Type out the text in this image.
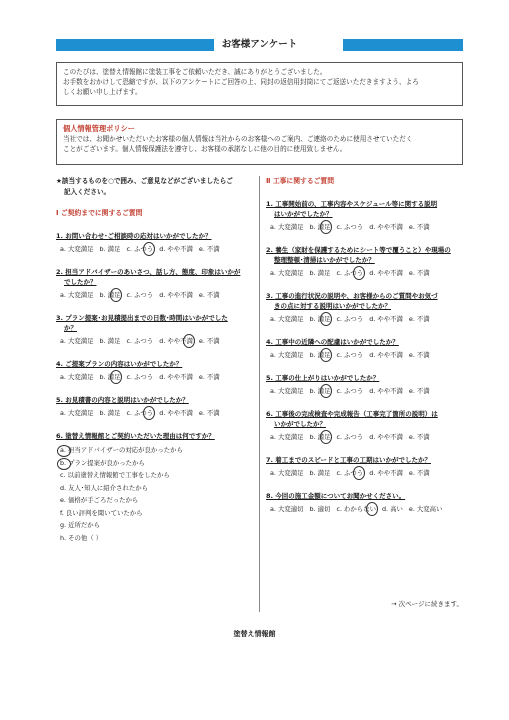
お客様アンケート
このたびは、塗替え情報館に塗装工事をご依頼いただき、誠にありがとうございました。
お手数をおかけして恐縮ですが、以下のアンケートにご回答の上、同封の返信用封筒にてご返送いただきますよう、よろ
しくお願い申し上げます。
個人情報管理ポリシー
当社では、お聞かせいただいたお客様の個人情報は当社からのお客様へのご案内、ご連絡のために使用させていただく
ことがございます。個人情報保護法を遵守し、お客様の承諾なしに他の目的に使用致しません。
★該当するものを○で囲み、ご意見などがございましたらご
記入ください。
Ⅰ ご契約までに関するご質問
1. お問い合わせ･ご相談時の応対はいかがでしたか？
a. 大変満足 b. 満足 c. ふつう d. やや不満 e. 不満
2. 担当アドバイザーのあいさつ、話し方、態度、印象はいかが
でしたか？
a. 大変満足 b. 満足 c. ふつう d. やや不満 e. 不満
3. プラン提案･お見積提出までの日数･時間はいかがでした
か？
a. 大変満足 b. 満足 c. ふつう d. やや不満 e. 不満
4. ご提案プランの内容はいかがでしたか？
a. 大変満足 b. 満足 c. ふつう d. やや不満 e. 不満
5. お見積書の内容と説明はいかがでしたか？
a. 大変満足 b. 満足 c. ふつう d. やや不満 e. 不満
6. 塗替え情報館とご契約いただいた理由は何ですか？
a. 担当アドバイザーの対応が良かったから
b. プラン提案が良かったから
c. 以前塗替え情報館で工事をしたから
d. 友人･知人に紹介されたから
e. 価格が手ごろだったから
f. 良い評判を聞いていたから
g. 近所だから
h. その他（ ）
Ⅱ 工事に関するご質問
1. 工事開始前の、工事内容やスケジュール等に関する説明
はいかがでしたか？
a. 大変満足 b. 満足 c. ふつう d. やや不満 e. 不満
2. 養生（家財を保護するためにシート等で覆うこと）や現場の
整理整頓･清掃はいかがでしたか？
a. 大変満足 b. 満足 c. ふつう d. やや不満 e. 不満
3. 工事の進行状況の説明や、お客様からのご質問やお気づ
きの点に対する説明はいかがでしたか？
a. 大変満足 b. 満足 c. ふつう d. やや不満 e. 不満
4. 工事中の近隣への配慮はいかがでしたか？
a. 大変満足 b. 満足 c. ふつう d. やや不満 e. 不満
5. 工事の仕上がりはいかがでしたか？
a. 大変満足 b. 満足 c. ふつう d. やや不満 e. 不満
6. 工事後の完成検査や完成報告（工事完了箇所の説明）は
いかがでしたか？
a. 大変満足 b. 満足 c. ふつう d. やや不満 e. 不満
7. 着工までのスピードと工事の工期はいかがでしたか？
a. 大変満足 b. 満足 c. ふつう d. やや不満 e. 不満
8. 今回の施工金額についてお聞かせください。
a. 大変適切 b. 適切 c. わからない d. 高い e. 大変高い
→ 次ページに続きます。
塗替え情報館
